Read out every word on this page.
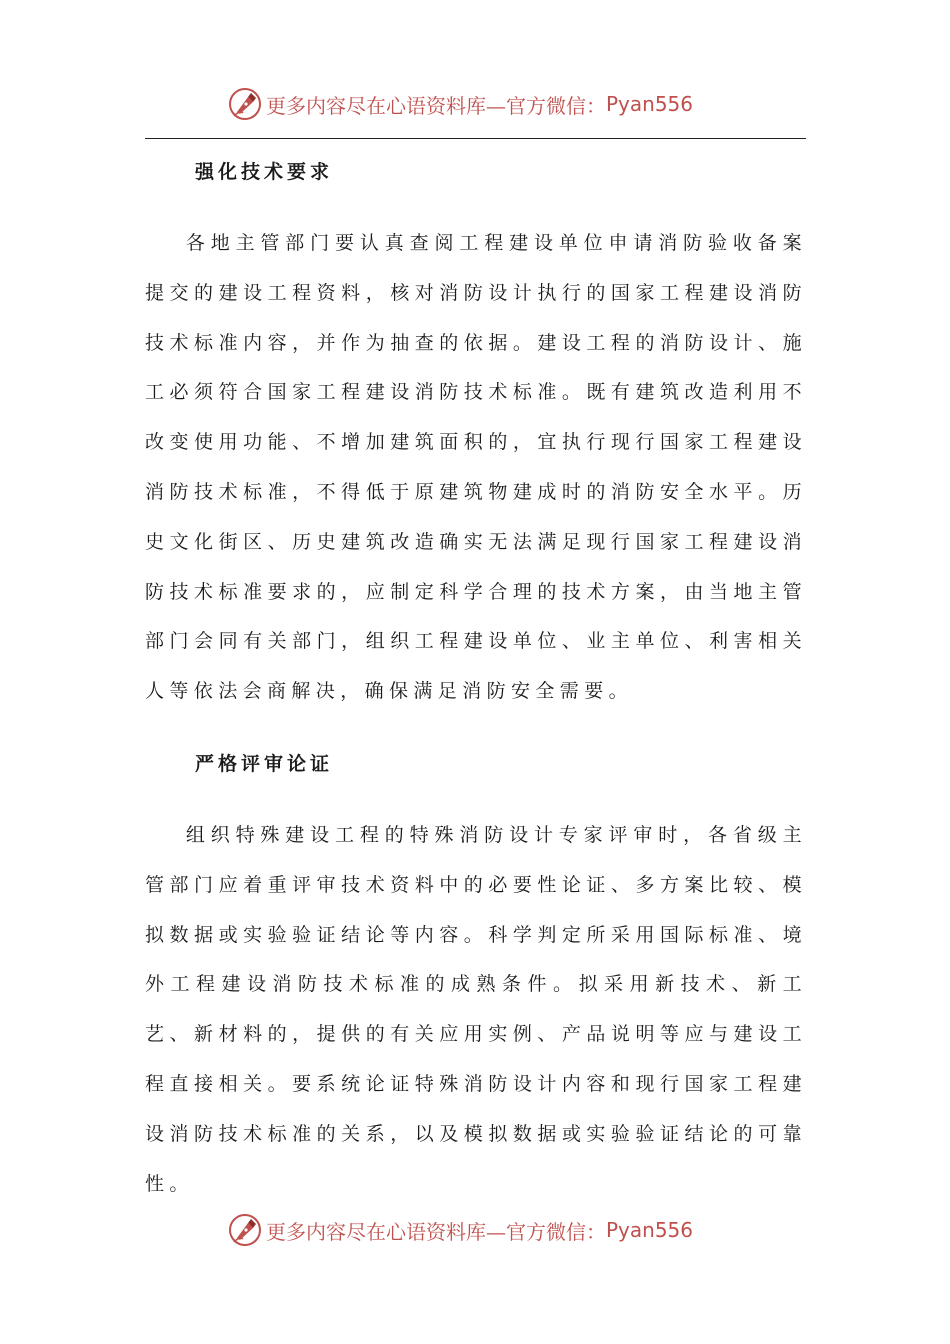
更多内容尽在心语资料库—官方微信： Pyan556
强化技术要求

各地主管部门要认真查阅工程建设单位申请消防验收备案提交的建设工程资料，核对消防设计执行的国家工程建设消防技术标准内容，并作为抽查的依据。建设工程的消防设计、施工必须符合国家工程建设消防技术标准。既有建筑改造利用不改变使用功能、不增加建筑面积的，宜执行现行国家工程建设消防技术标准，不得低于原建筑物建成时的消防安全水平。历史文化街区、历史建筑改造确实无法满足现行国家工程建设消防技术标准要求的，应制定科学合理的技术方案，由当地主管部门会同有关部门，组织工程建设单位、业主单位、利害相关人等依法会商解决，确保满足消防安全需要。

严格评审论证

组织特殊建设工程的特殊消防设计专家评审时，各省级主管部门应着重评审技术资料中的必要性论证、多方案比较、模拟数据或实验验证结论等内容。科学判定所采用国际标准、境外工程建设消防技术标准的成熟条件。拟采用新技术、新工艺、新材料的，提供的有关应用实例、产品说明等应与建设工程直接相关。要系统论证特殊消防设计内容和现行国家工程建设消防技术标准的关系，以及模拟数据或实验验证结论的可靠性。

更多内容尽在心语资料库—官方微信： Pyan556
